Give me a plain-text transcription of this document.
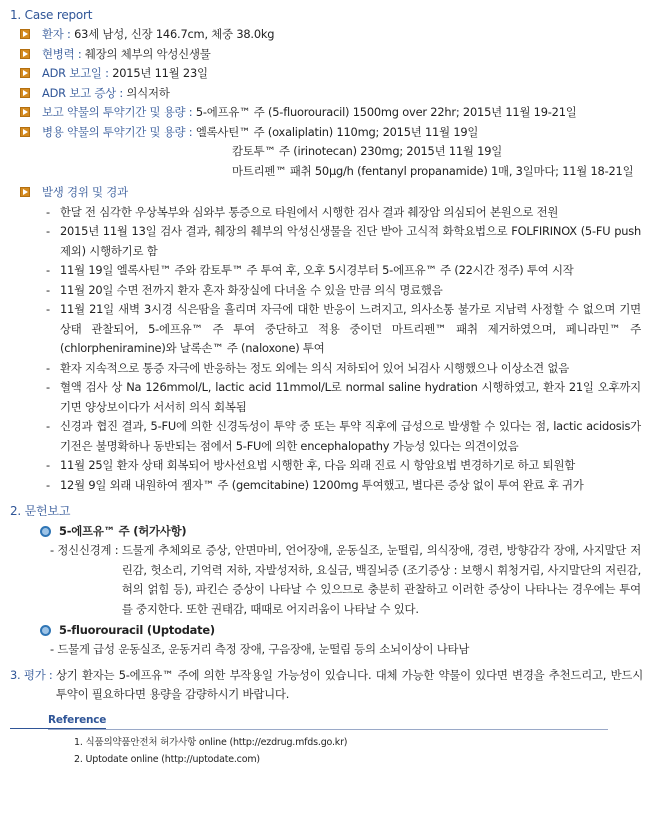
1. Case report
환자 : 63세 남성, 신장 146.7cm, 체중 38.0kg
현병력 : 췌장의 체부의 악성신생물
ADR 보고일 : 2015년 11월 23일
ADR 보고 증상 : 의식저하
보고 약물의 투약기간 및 용량 : 5-에프유™ 주 (5-fluorouracil) 1500mg over 22hr; 2015년 11월 19-21일
병용 약물의 투약기간 및 용량 : 엘록사틴™ 주 (oxaliplatin) 110mg; 2015년 11월 19일
캄토투™ 주 (irinotecan) 230mg; 2015년 11월 19일
마트리펜™ 패취 50μg/h (fentanyl propanamide) 1매, 3일마다; 11월 18-21일
발생 경위 및 경과
- 한달 전 심각한 우상복부와 심와부 통증으로 타원에서 시행한 검사 결과 췌장암 의심되어 본원으로 전원
- 2015년 11월 13일 검사 결과, 췌장의 췌부의 악성신생물을 진단 받아 고식적 화학요법으로 FOLFIRINOX (5-FU push 제외) 시행하기로 함
- 11월 19일 엘록사틴™ 주와 캄토투™ 주 투여 후, 오후 5시경부터 5-에프유™ 주 (22시간 정주) 투여 시작
- 11월 20일 수면 전까지 환자 혼자 화장실에 다녀올 수 있을 만큼 의식 명료했음
- 11월 21일 새벽 3시경 식은땀을 흘리며 자극에 대한 반응이 느려지고, 의사소통 불가로 지남력 사정할 수 없으며 기면 상태 관찰되어, 5-에프유™ 주 투여 중단하고 적용 중이던 마트리펜™ 패취 제거하였으며, 페니라민™ 주 (chlorpheniramine)와 날록손™ 주 (naloxone) 투여
- 환자 지속적으로 통증 자극에 반응하는 정도 외에는 의식 저하되어 있어 뇌검사 시행했으나 이상소견 없음
- 혈액 검사 상 Na 126mmol/L, lactic acid 11mmol/L로 normal saline hydration 시행하였고, 환자 21일 오후까지 기면 양상보이다가 서서히 의식 회복됨
- 신경과 협진 결과, 5-FU에 의한 신경독성이 투약 중 또는 투약 직후에 급성으로 발생할 수 있다는 점, lactic acidosis가 기전은 불명확하나 동반되는 점에서 5-FU에 의한 encephalopathy 가능성 있다는 의견이었음
- 11월 25일 환자 상태 회복되어 방사선요법 시행한 후, 다음 외래 진료 시 항암요법 변경하기로 하고 퇴원함
- 12월 9일 외래 내원하여 젬자™ 주 (gemcitabine) 1200mg 투여했고, 별다른 증상 없이 투여 완료 후 귀가
2. 문헌보고
5-에프유™ 주 (허가사항)
- 정신신경계 : 드물게 추체외로 증상, 안면마비, 언어장애, 운동실조, 눈떨림, 의식장애, 경련, 방향감각 장애, 사지말단 저린감, 헛소리, 기억력 저하, 자발성저하, 요실금, 백질뇌증 (조기증상 : 보행시 휘청거림, 사지말단의 저린감, 혀의 얽힘 등), 파킨슨 증상이 나타날 수 있으므로 충분히 관찰하고 이러한 증상이 나타나는 경우에는 투여를 중지한다. 또한 권태감, 때때로 어지러움이 나타날 수 있다.
5-fluorouracil (Uptodate)
- 드물게 급성 운동실조, 운동거리 측정 장애, 구음장애, 눈떨림 등의 소뇌이상이 나타남
3. 평가 : 상기 환자는 5-에프유™ 주에 의한 부작용일 가능성이 있습니다. 대체 가능한 약물이 있다면 변경을 추천드리고, 반드시 투약이 필요하다면 용량을 감량하시기 바랍니다.
Reference
1. 식품의약품안전처 허가사항 online (http://ezdrug.mfds.go.kr)
2. Uptodate online (http://uptodate.com)
